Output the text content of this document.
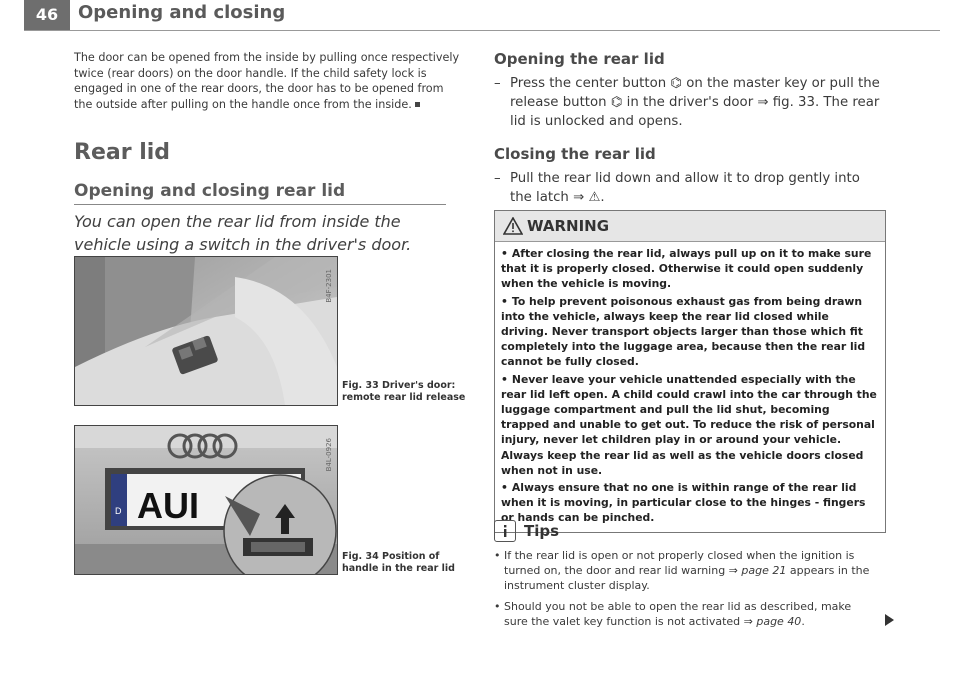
46	Opening and closing

The door can be opened from the inside by pulling once respectively twice (rear doors) on the door handle. If the child safety lock is engaged in one of the rear doors, the door has to be opened from the outside after pulling on the handle once from the inside.

Rear lid
Opening and closing rear lid

You can open the rear lid from inside the vehicle using a switch in the driver's door.

B4F-2301
Fig. 33 Driver's door: remote rear lid release
D AUI
B4L-0926
Fig. 34 Position of handle in the rear lid
Opening the rear lid

– Press the center button ⌬ on the master key or pull the release button ⌬ in the driver's door ⇒ fig. 33. The rear lid is unlocked and opens.

Closing the rear lid

– Pull the rear lid down and allow it to drop gently into the latch ⇒ ⚠.

WARNING

• After closing the rear lid, always pull up on it to make sure that it is properly closed. Otherwise it could open suddenly when the vehicle is moving.

• To help prevent poisonous exhaust gas from being drawn into the vehicle, always keep the rear lid closed while driving. Never transport objects larger than those which fit completely into the luggage area, because then the rear lid cannot be fully closed.

• Never leave your vehicle unattended especially with the rear lid left open. A child could crawl into the car through the luggage compartment and pull the lid shut, becoming trapped and unable to get out. To reduce the risk of personal injury, never let children play in or around your vehicle. Always keep the rear lid as well as the vehicle doors closed when not in use.

• Always ensure that no one is within range of the rear lid when it is moving, in particular close to the hinges - fingers or hands can be pinched.

Tips

• If the rear lid is open or not properly closed when the ignition is turned on, the door and rear lid warning ⇒ page 21 appears in the instrument cluster display.

• Should you not be able to open the rear lid as described, make sure the valet key function is not activated ⇒ page 40.
